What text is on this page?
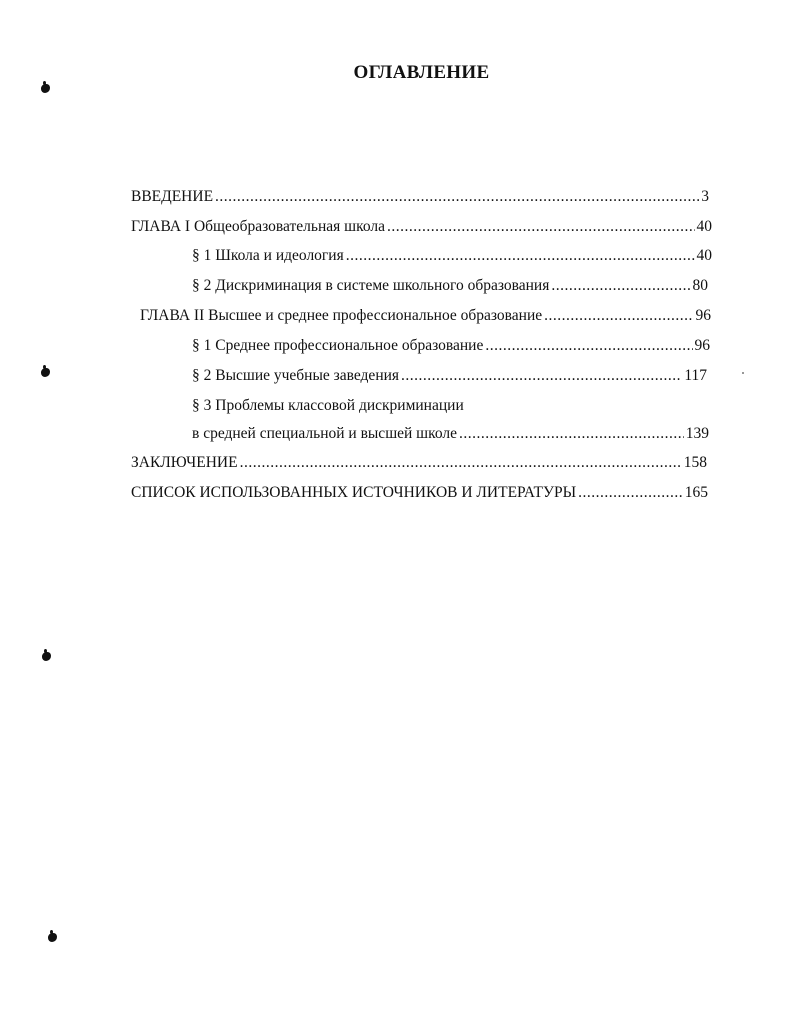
ОГЛАВЛЕНИЕ
ВВЕДЕНИЕ .....	3
ГЛАВА I Общеобразовательная школа .....	40
§ 1 Школа и идеология .....	40
§ 2 Дискриминация в системе школьного образования .....	80
ГЛАВА II Высшее и среднее профессиональное образование .....	96
§ 1 Среднее профессиональное образование .....	96
§ 2 Высшие учебные заведения .....	117
§ 3 Проблемы классовой дискриминации
в средней специальной и высшей школе .....	139
ЗАКЛЮЧЕНИЕ .....	158
СПИСОК ИСПОЛЬЗОВАННЫХ ИСТОЧНИКОВ И ЛИТЕРАТУРЫ .....	165
